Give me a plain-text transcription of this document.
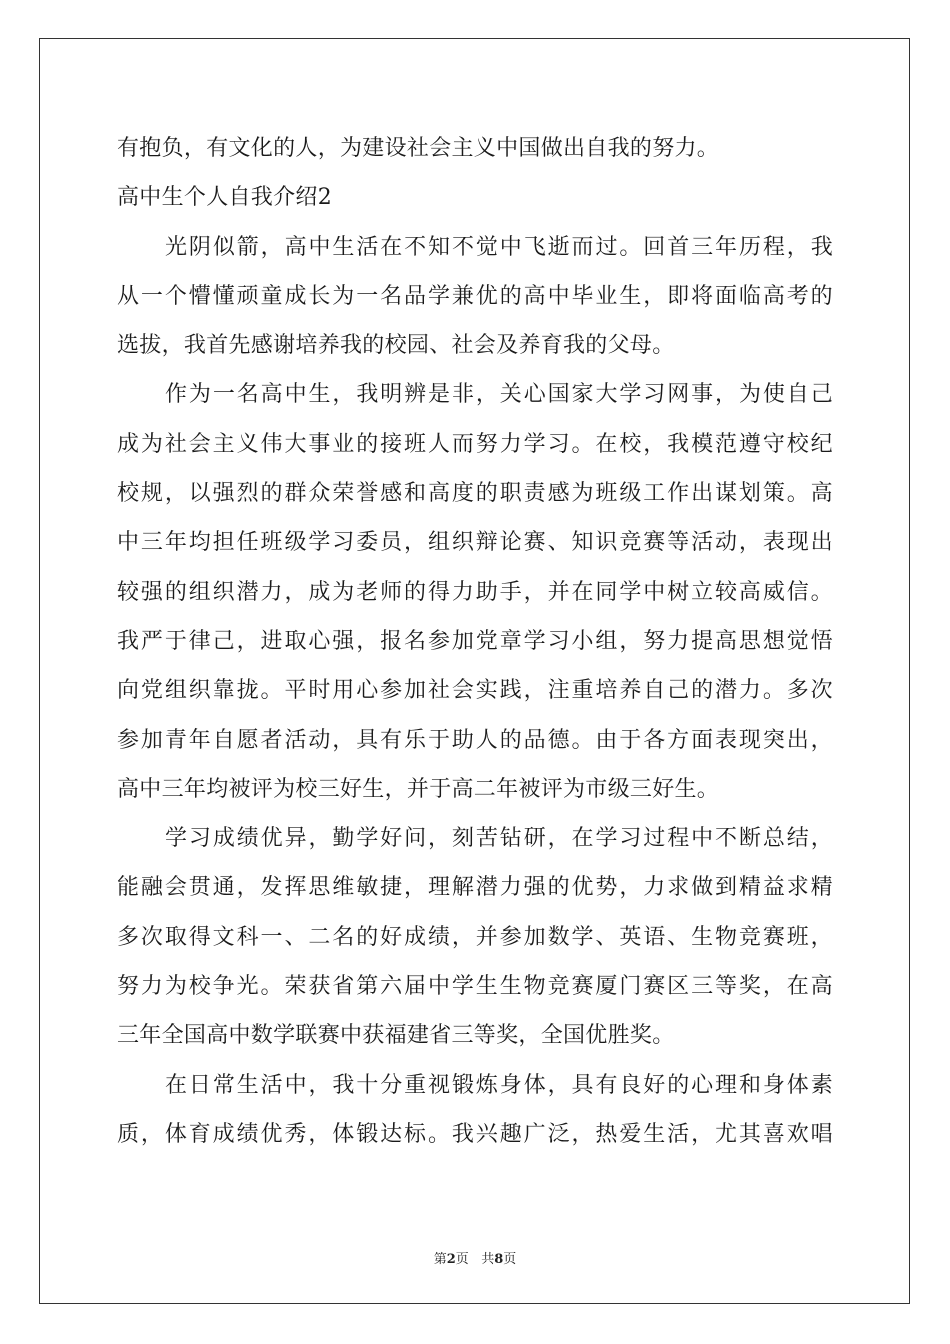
有抱负，有文化的人，为建设社会主义中国做出自我的努力。
高中生个人自我介绍2
光阴似箭，高中生活在不知不觉中飞逝而过。回首三年历程，我
从一个懵懂顽童成长为一名品学兼优的高中毕业生，即将面临高考的
选拔，我首先感谢培养我的校园、社会及养育我的父母。
作为一名高中生，我明辨是非，关心国家大学习网事，为使自己
成为社会主义伟大事业的接班人而努力学习。在校，我模范遵守校纪
校规，以强烈的群众荣誉感和高度的职责感为班级工作出谋划策。高
中三年均担任班级学习委员，组织辩论赛、知识竞赛等活动，表现出
较强的组织潜力，成为老师的得力助手，并在同学中树立较高威信。
我严于律己，进取心强，报名参加党章学习小组，努力提高思想觉悟
向党组织靠拢。平时用心参加社会实践，注重培养自己的潜力。多次
参加青年自愿者活动，具有乐于助人的品德。由于各方面表现突出，
高中三年均被评为校三好生，并于高二年被评为市级三好生。
学习成绩优异，勤学好问，刻苦钻研，在学习过程中不断总结，
能融会贯通，发挥思维敏捷，理解潜力强的优势，力求做到精益求精
多次取得文科一、二名的好成绩，并参加数学、英语、生物竞赛班，
努力为校争光。荣获省第六届中学生生物竞赛厦门赛区三等奖，在高
三年全国高中数学联赛中获福建省三等奖，全国优胜奖。
在日常生活中，我十分重视锻炼身体，具有良好的心理和身体素
质，体育成绩优秀，体锻达标。我兴趣广泛，热爱生活，尤其喜欢唱
第2页 共8页
